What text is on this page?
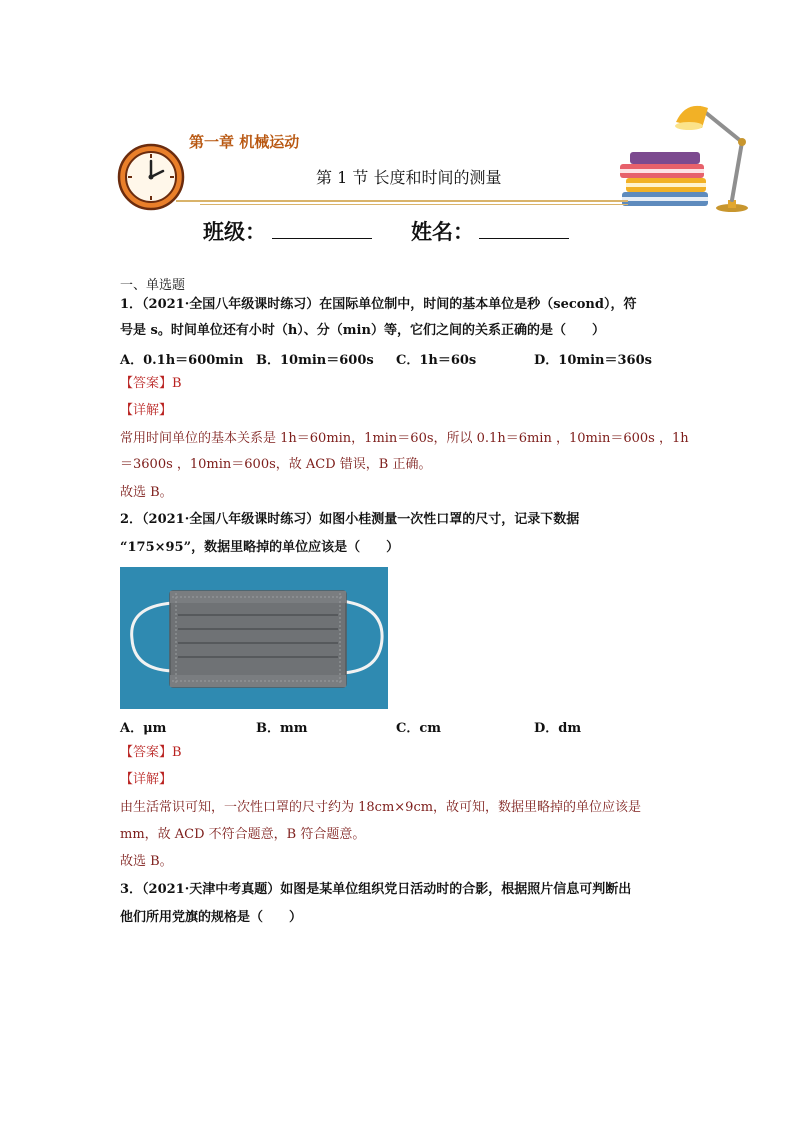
第一章 机械运动
第 1 节 长度和时间的测量
班级：	姓名：
一、单选题
1．（2021·全国八年级课时练习）在国际单位制中，时间的基本单位是秒（second），符
号是 s。时间单位还有小时（h）、分（min）等，它们之间的关系正确的是（　　）
A．0.1h＝600min B．10min＝600s C．1h＝60s	D．10min＝360s
【答案】B
【详解】
常用时间单位的基本关系是 1h＝60min，1min＝60s，所以 0.1h＝6min ，10min＝600s ，1h
＝3600s ，10min＝600s，故 ACD 错误，B 正确。
故选 B。
2．（2021·全国八年级课时练习）如图小桂测量一次性口罩的尺寸，记录下数据
“175×95”，数据里略掉的单位应该是（　　）
A．μm	B．mm	C．cm	D．dm
【答案】B
【详解】
由生活常识可知，一次性口罩的尺寸约为 18cm×9cm，故可知，数据里略掉的单位应该是
mm，故 ACD 不符合题意，B 符合题意。
故选 B。
3．（2021·天津中考真题）如图是某单位组织党日活动时的合影，根据照片信息可判断出
他们所用党旗的规格是（　　）
